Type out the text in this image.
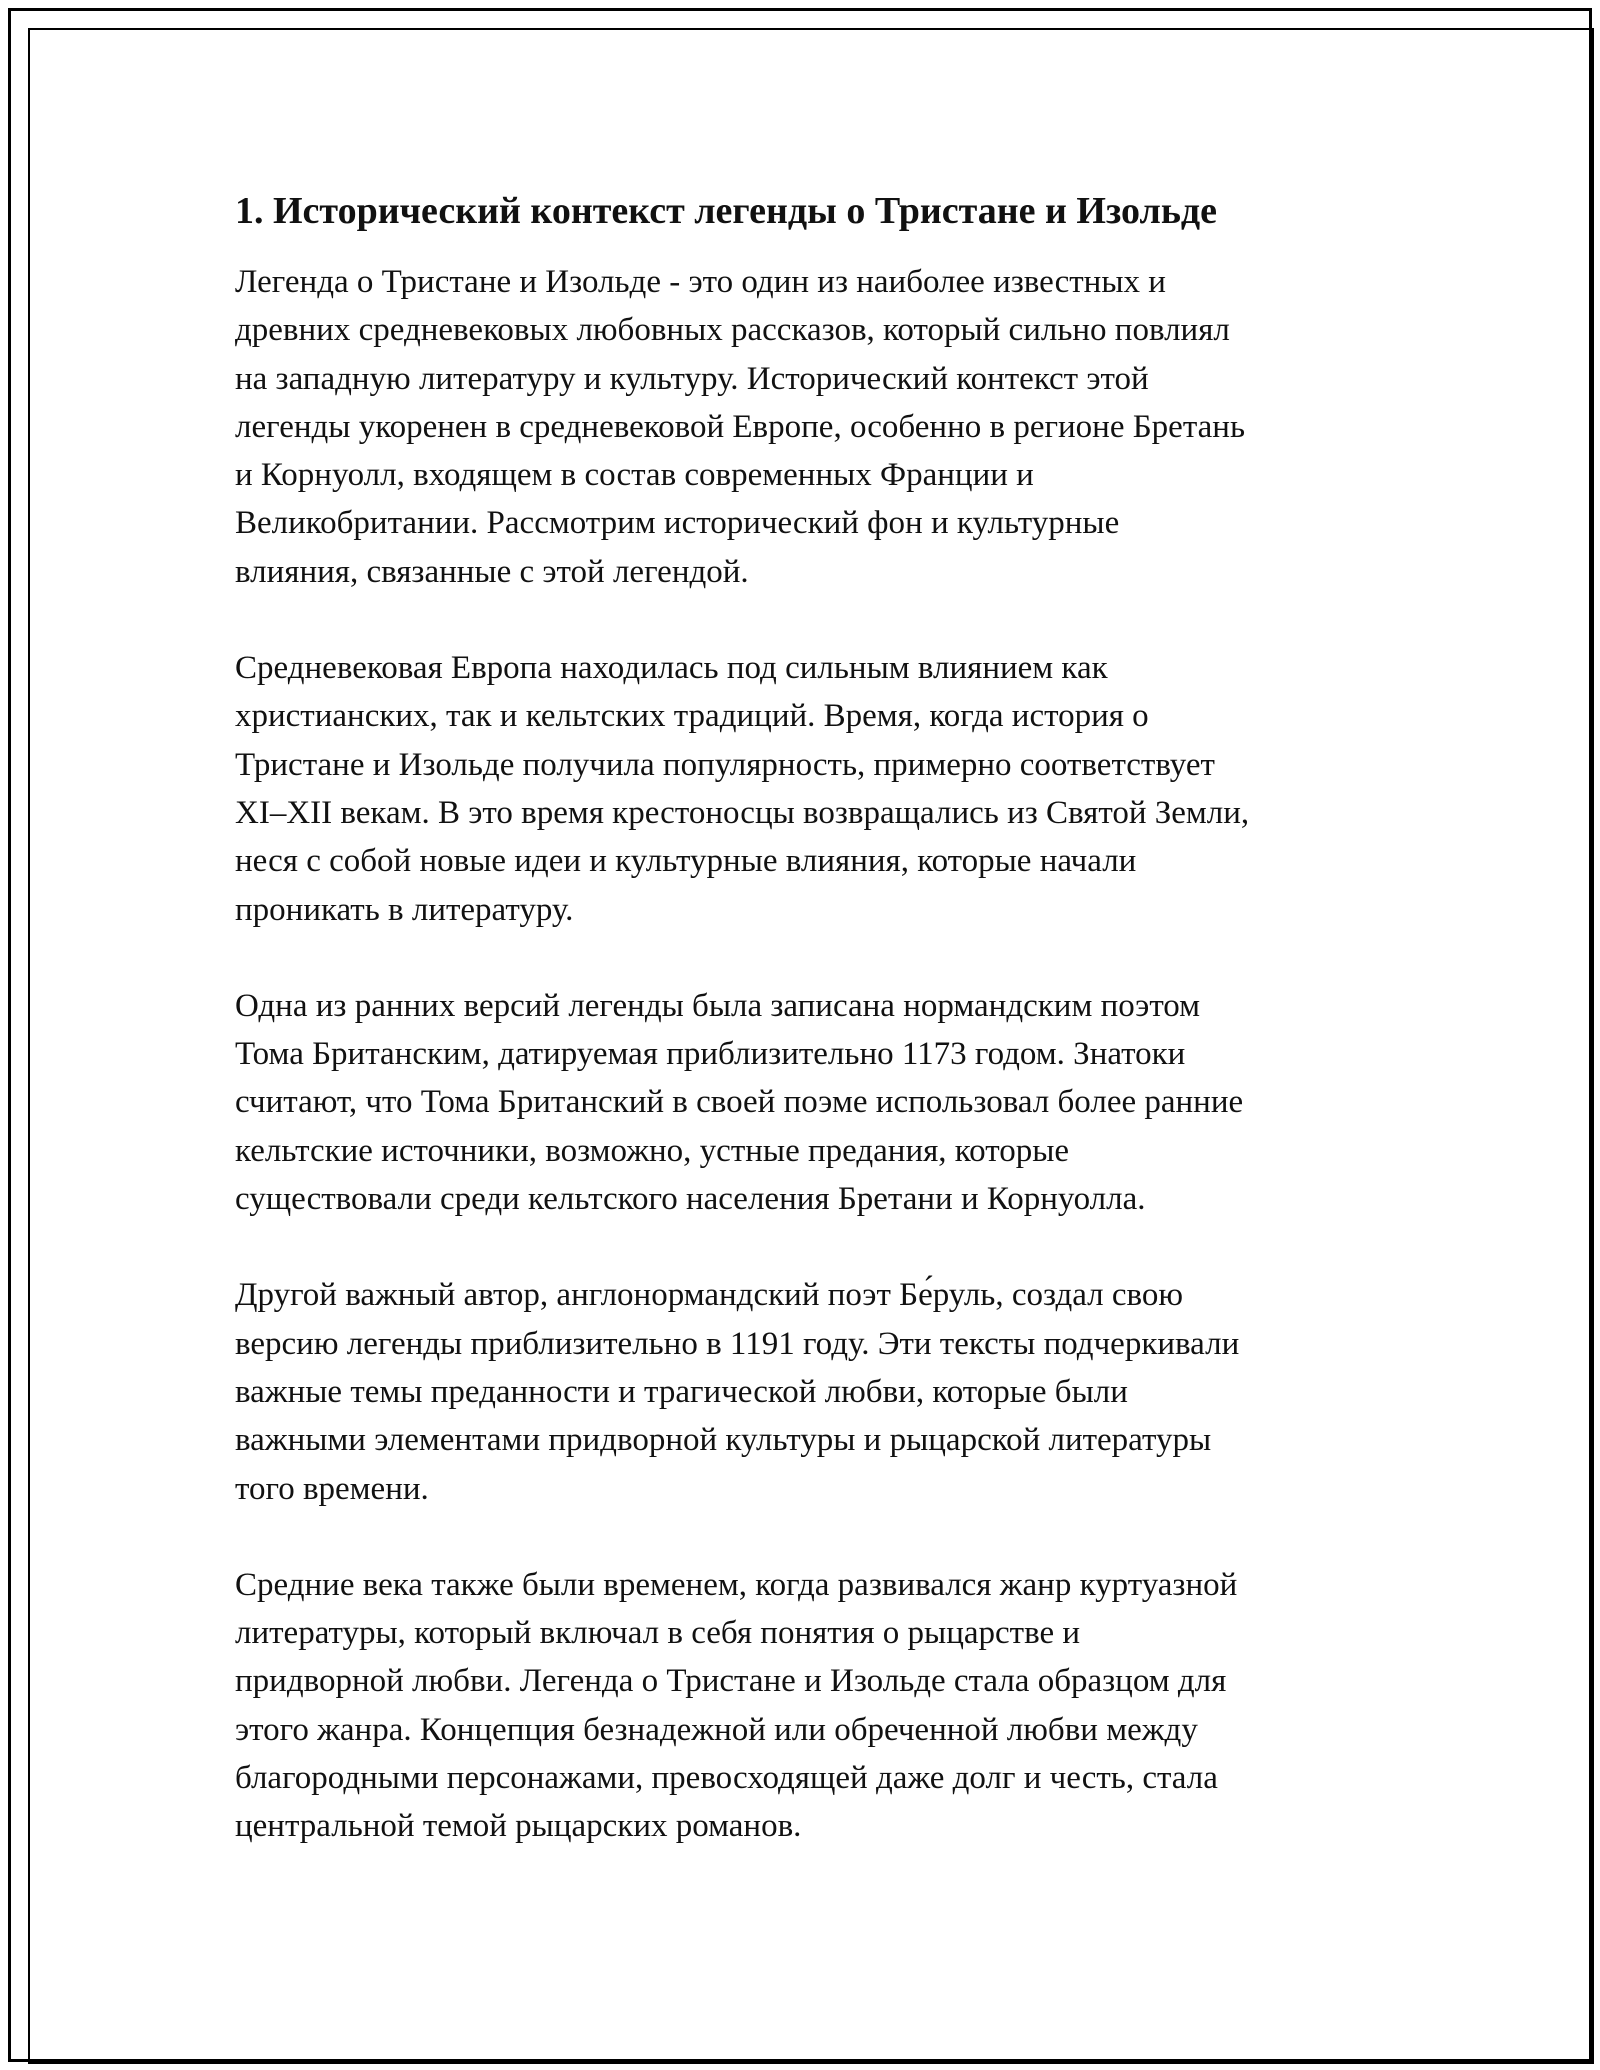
1. Исторический контекст легенды о Тристане и Изольде

Легенда о Тристане и Изольде - это один из наиболее известных и
древних средневековых любовных рассказов, который сильно повлиял
на западную литературу и культуру. Исторический контекст этой
легенды укоренен в средневековой Европе, особенно в регионе Бретань
и Корнуолл, входящем в состав современных Франции и
Великобритании. Рассмотрим исторический фон и культурные
влияния, связанные с этой легендой.

Средневековая Европа находилась под сильным влиянием как
христианских, так и кельтских традиций. Время, когда история о
Тристане и Изольде получила популярность, примерно соответствует
XI–XII векам. В это время крестоносцы возвращались из Святой Земли,
неся с собой новые идеи и культурные влияния, которые начали
проникать в литературу.

Одна из ранних версий легенды была записана нормандским поэтом
Тома Британским, датируемая приблизительно 1173 годом. Знатоки
считают, что Тома Британский в своей поэме использовал более ранние
кельтские источники, возможно, устные предания, которые
существовали среди кельтского населения Бретани и Корнуолла.

Другой важный автор, англонормандский поэт Бе́руль, создал свою
версию легенды приблизительно в 1191 году. Эти тексты подчеркивали
важные темы преданности и трагической любви, которые были
важными элементами придворной культуры и рыцарской литературы
того времени.

Средние века также были временем, когда развивался жанр куртуазной
литературы, который включал в себя понятия о рыцарстве и
придворной любви. Легенда о Тристане и Изольде стала образцом для
этого жанра. Концепция безнадежной или обреченной любви между
благородными персонажами, превосходящей даже долг и честь, стала
центральной темой рыцарских романов.
